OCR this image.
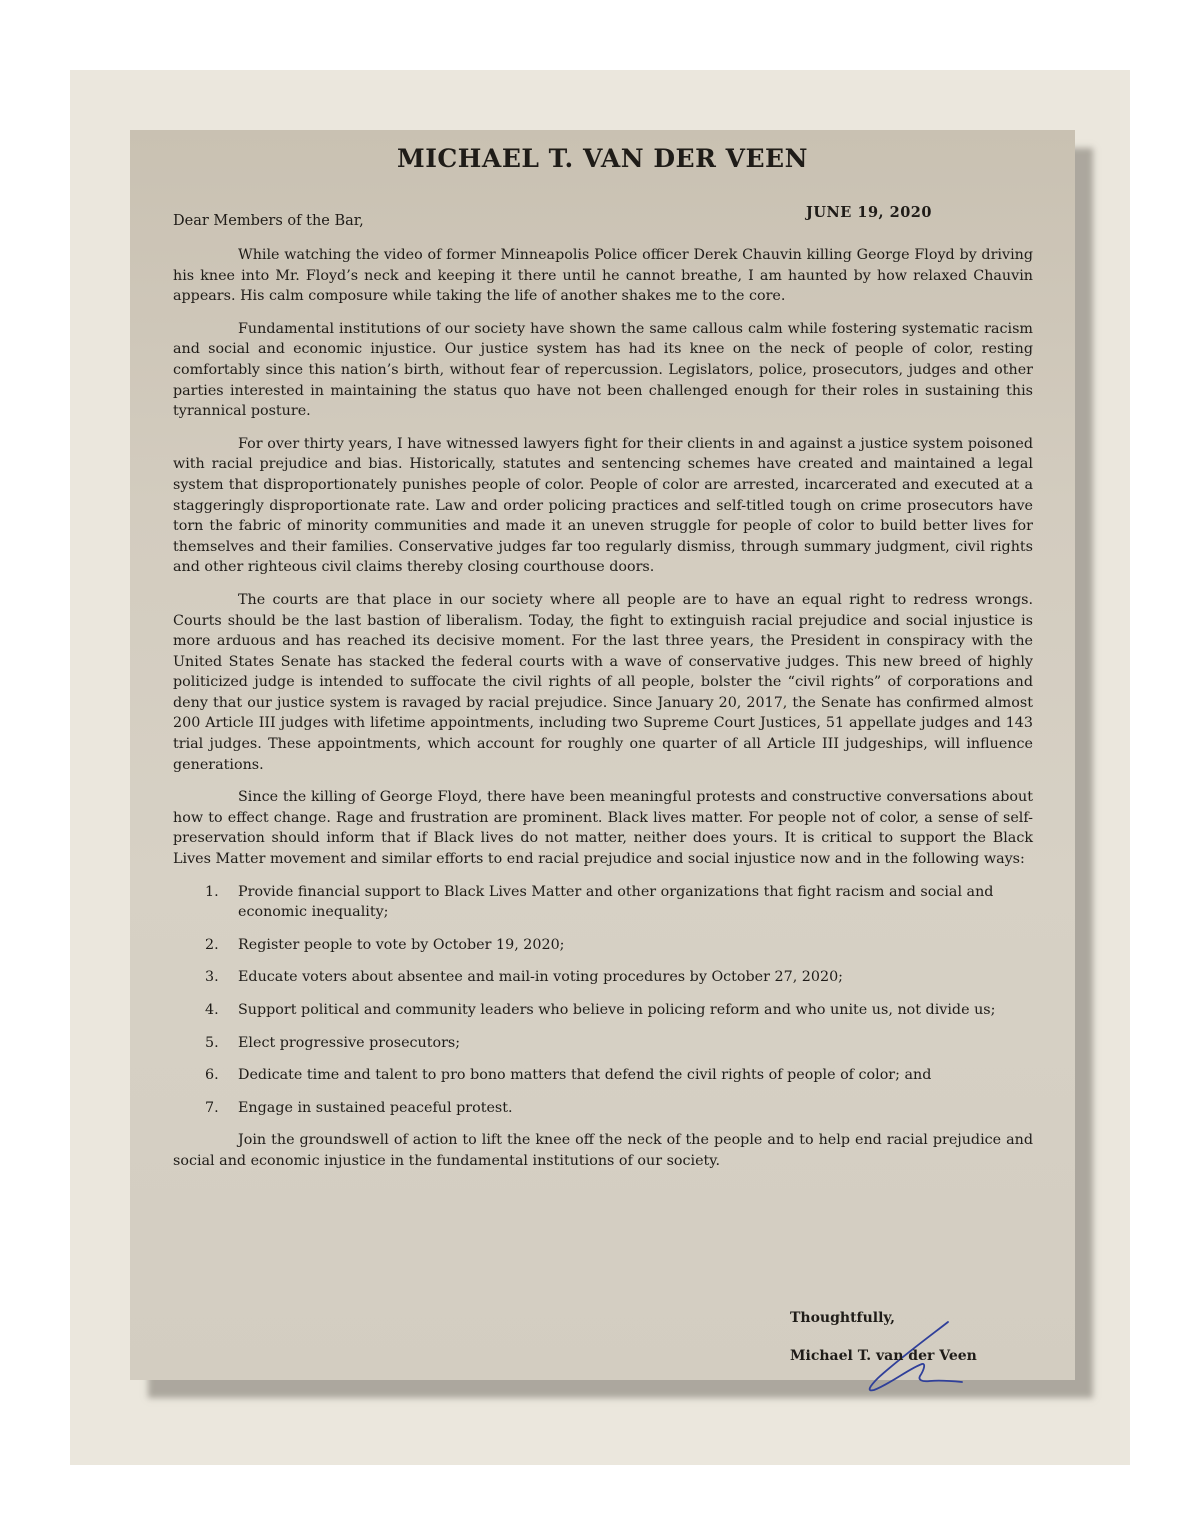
MICHAEL T. VAN DER VEEN
JUNE 19, 2020
Dear Members of the Bar,

While watching the video of former Minneapolis Police officer Derek Chauvin killing George Floyd by driving his knee into Mr. Floyd’s neck and keeping it there until he cannot breathe, I am haunted by how relaxed Chauvin appears. His calm composure while taking the life of another shakes me to the core.

Fundamental institutions of our society have shown the same callous calm while fostering systematic racism and social and economic injustice. Our justice system has had its knee on the neck of people of color, resting comfortably since this nation’s birth, without fear of repercussion. Legislators, police, prosecutors, judges and other parties interested in maintaining the status quo have not been challenged enough for their roles in sustaining this tyrannical posture.

For over thirty years, I have witnessed lawyers fight for their clients in and against a justice system poisoned with racial prejudice and bias. Historically, statutes and sentencing schemes have created and maintained a legal system that disproportionately punishes people of color. People of color are arrested, incarcerated and executed at a staggeringly disproportionate rate. Law and order policing practices and self-titled tough on crime prosecutors have torn the fabric of minority communities and made it an uneven struggle for people of color to build better lives for themselves and their families. Conservative judges far too regularly dismiss, through summary judgment, civil rights and other righteous civil claims thereby closing courthouse doors.

The courts are that place in our society where all people are to have an equal right to redress wrongs. Courts should be the last bastion of liberalism. Today, the fight to extinguish racial prejudice and social injustice is more arduous and has reached its decisive moment. For the last three years, the President in conspiracy with the United States Senate has stacked the federal courts with a wave of conservative judges. This new breed of highly politicized judge is intended to suffocate the civil rights of all people, bolster the “civil rights” of corporations and deny that our justice system is ravaged by racial prejudice. Since January 20, 2017, the Senate has confirmed almost 200 Article III judges with lifetime appointments, including two Supreme Court Justices, 51 appellate judges and 143 trial judges. These appointments, which account for roughly one quarter of all Article III judgeships, will influence generations.

Since the killing of George Floyd, there have been meaningful protests and constructive conversations about how to effect change. Rage and frustration are prominent. Black lives matter. For people not of color, a sense of self-preservation should inform that if Black lives do not matter, neither does yours. It is critical to support the Black Lives Matter movement and similar efforts to end racial prejudice and social injustice now and in the following ways:

1. Provide financial support to Black Lives Matter and other organizations that fight racism and social and economic inequality;
2. Register people to vote by October 19, 2020;
3. Educate voters about absentee and mail-in voting procedures by October 27, 2020;
4. Support political and community leaders who believe in policing reform and who unite us, not divide us;
5. Elect progressive prosecutors;
6. Dedicate time and talent to pro bono matters that defend the civil rights of people of color; and
7. Engage in sustained peaceful protest.

Join the groundswell of action to lift the knee off the neck of the people and to help end racial prejudice and social and economic injustice in the fundamental institutions of our society.

Thoughtfully,
Michael T. van der Veen
